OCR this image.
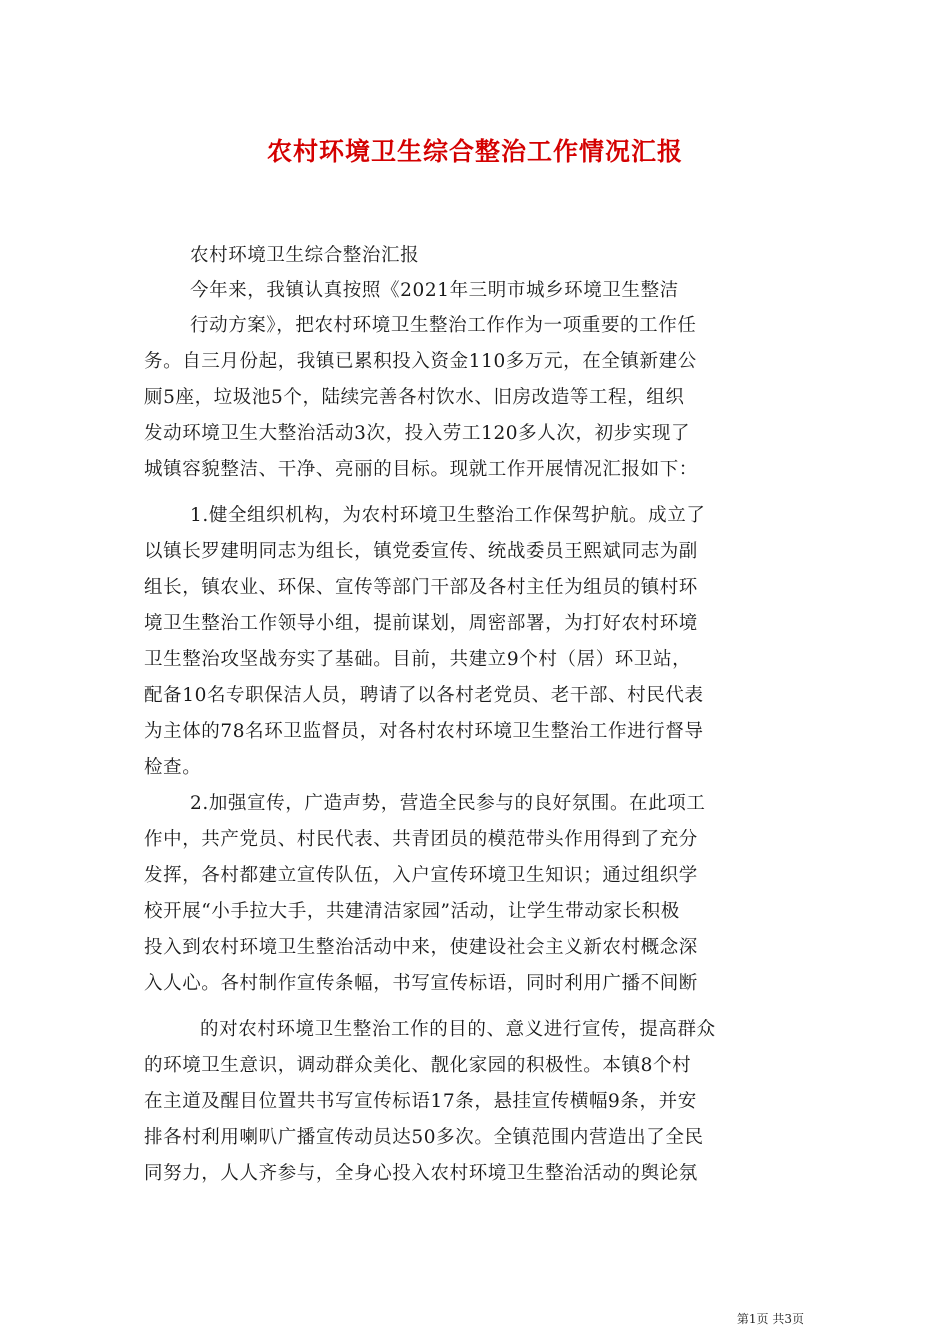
农村环境卫生综合整治工作情况汇报
农村环境卫生综合整治汇报
今年来，我镇认真按照《2021年三明市城乡环境卫生整洁
行动方案》，把农村环境卫生整治工作作为一项重要的工作任
务。自三月份起，我镇已累积投入资金110多万元，在全镇新建公
厕5座，垃圾池5个，陆续完善各村饮水、旧房改造等工程，组织
发动环境卫生大整治活动3次，投入劳工120多人次，初步实现了
城镇容貌整洁、干净、亮丽的目标。现就工作开展情况汇报如下：
1.健全组织机构，为农村环境卫生整治工作保驾护航。成立了
以镇长罗建明同志为组长，镇党委宣传、统战委员王熙斌同志为副
组长，镇农业、环保、宣传等部门干部及各村主任为组员的镇村环
境卫生整治工作领导小组，提前谋划，周密部署，为打好农村环境
卫生整治攻坚战夯实了基础。目前，共建立9个村（居）环卫站，
配备10名专职保洁人员，聘请了以各村老党员、老干部、村民代表
为主体的78名环卫监督员，对各村农村环境卫生整治工作进行督导
检查。
2.加强宣传，广造声势，营造全民参与的良好氛围。在此项工
作中，共产党员、村民代表、共青团员的模范带头作用得到了充分
发挥，各村都建立宣传队伍，入户宣传环境卫生知识；通过组织学
校开展“小手拉大手，共建清洁家园”活动，让学生带动家长积极
投入到农村环境卫生整治活动中来，使建设社会主义新农村概念深
入人心。各村制作宣传条幅，书写宣传标语，同时利用广播不间断
的对农村环境卫生整治工作的目的、意义进行宣传，提高群众
的环境卫生意识，调动群众美化、靓化家园的积极性。本镇8个村
在主道及醒目位置共书写宣传标语17条，悬挂宣传横幅9条，并安
排各村利用喇叭广播宣传动员达50多次。全镇范围内营造出了全民
同努力，人人齐参与，全身心投入农村环境卫生整治活动的舆论氛
第1页 共3页
